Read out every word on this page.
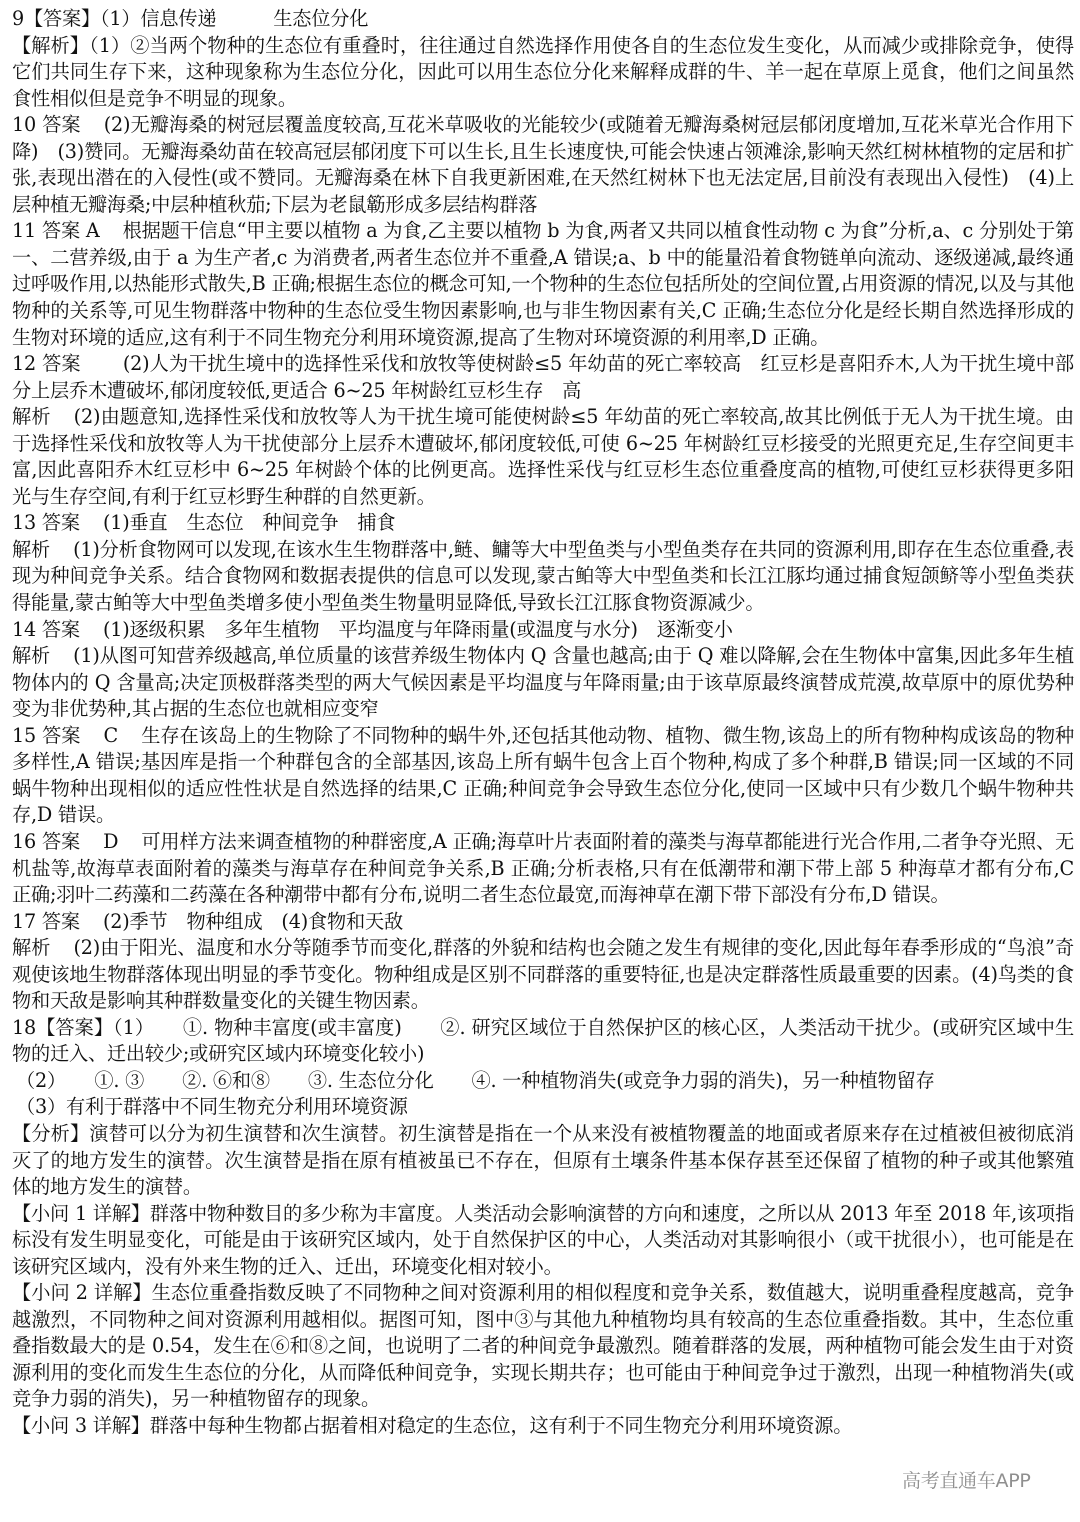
9【答案】（1）信息传递　　　生态位分化

【解析】（1）②当两个物种的生态位有重叠时，往往通过自然选择作用使各自的生态位发生变化，从而减少或排除竞争，使得它们共同生存下来，这种现象称为生态位分化，因此可以用生态位分化来解释成群的牛、羊一起在草原上觅食，他们之间虽然食性相似但是竞争不明显的现象。

10 答案 (2)无瓣海桑的树冠层覆盖度较高,互花米草吸收的光能较少(或随着无瓣海桑树冠层郁闭度增加,互花米草光合作用下降)　(3)赞同。无瓣海桑幼苗在较高冠层郁闭度下可以生长,且生长速度快,可能会快速占领滩涂,影响天然红树林植物的定居和扩张,表现出潜在的入侵性(或不赞同。无瓣海桑在林下自我更新困难,在天然红树林下也无法定居,目前没有表现出入侵性)　(4)上层种植无瓣海桑;中层种植秋茄;下层为老鼠簕形成多层结构群落

11 答案 A 根据题干信息“甲主要以植物 a 为食,乙主要以植物 b 为食,两者又共同以植食性动物 c 为食”分析,a、c 分别处于第一、二营养级,由于 a 为生产者,c 为消费者,两者生态位并不重叠,A 错误;a、b 中的能量沿着食物链单向流动、逐级递减,最终通过呼吸作用,以热能形式散失,B 正确;根据生态位的概念可知,一个物种的生态位包括所处的空间位置,占用资源的情况,以及与其他物种的关系等,可见生物群落中物种的生态位受生物因素影响,也与非生物因素有关,C 正确;生态位分化是经长期自然选择形成的生物对环境的适应,这有利于不同生物充分利用环境资源,提高了生物对环境资源的利用率,D 正确。

12 答案 (2)人为干扰生境中的选择性采伐和放牧等使树龄≤5 年幼苗的死亡率较高　红豆杉是喜阳乔木,人为干扰生境中部分上层乔木遭破坏,郁闭度较低,更适合 6~25 年树龄红豆杉生存　高

解析 (2)由题意知,选择性采伐和放牧等人为干扰生境可能使树龄≤5 年幼苗的死亡率较高,故其比例低于无人为干扰生境。由于选择性采伐和放牧等人为干扰使部分上层乔木遭破坏,郁闭度较低,可使 6~25 年树龄红豆杉接受的光照更充足,生存空间更丰富,因此喜阳乔木红豆杉中 6~25 年树龄个体的比例更高。选择性采伐与红豆杉生态位重叠度高的植物,可使红豆杉获得更多阳光与生存空间,有利于红豆杉野生种群的自然更新。

13 答案 (1)垂直　生态位　种间竞争　捕食

解析 (1)分析食物网可以发现,在该水生生物群落中,鲢、鳙等大中型鱼类与小型鱼类存在共同的资源利用,即存在生态位重叠,表现为种间竞争关系。结合食物网和数据表提供的信息可以发现,蒙古鲌等大中型鱼类和长江江豚均通过捕食短颌鲚等小型鱼类获得能量,蒙古鲌等大中型鱼类增多使小型鱼类生物量明显降低,导致长江江豚食物资源减少。

14 答案 (1)逐级积累　多年生植物　平均温度与年降雨量(或温度与水分)　逐渐变小

解析 (1)从图可知营养级越高,单位质量的该营养级生物体内 Q 含量也越高;由于 Q 难以降解,会在生物体中富集,因此多年生植物体内的 Q 含量高;决定顶极群落类型的两大气候因素是平均温度与年降雨量;由于该草原最终演替成荒漠,故草原中的原优势种变为非优势种,其占据的生态位也就相应变窄

15 答案 C 生存在该岛上的生物除了不同物种的蜗牛外,还包括其他动物、植物、微生物,该岛上的所有物种构成该岛的物种多样性,A 错误;基因库是指一个种群包含的全部基因,该岛上所有蜗牛包含上百个物种,构成了多个种群,B 错误;同一区域的不同蜗牛物种出现相似的适应性性状是自然选择的结果,C 正确;种间竞争会导致生态位分化,使同一区域中只有少数几个蜗牛物种共存,D 错误。

16 答案 D 可用样方法来调查植物的种群密度,A 正确;海草叶片表面附着的藻类与海草都能进行光合作用,二者争夺光照、无机盐等,故海草表面附着的藻类与海草存在种间竞争关系,B 正确;分析表格,只有在低潮带和潮下带上部 5 种海草才都有分布,C 正确;羽叶二药藻和二药藻在各种潮带中都有分布,说明二者生态位最宽,而海神草在潮下带下部没有分布,D 错误。

17 答案 (2)季节　物种组成　(4)食物和天敌

解析 (2)由于阳光、温度和水分等随季节而变化,群落的外貌和结构也会随之发生有规律的变化,因此每年春季形成的“鸟浪”奇观使该地生物群落体现出明显的季节变化。物种组成是区别不同群落的重要特征,也是决定群落性质最重要的因素。(4)鸟类的食物和天敌是影响其种群数量变化的关键生物因素。

18【答案】（1）　　①. 物种丰富度(或丰富度)　　②. 研究区域位于自然保护区的核心区，人类活动干扰少。(或研究区域中生物的迁入、迁出较少;或研究区域内环境变化较小)

（2）　　①. ③　　②. ⑥和⑧　　③. 生态位分化　　④. 一种植物消失(或竞争力弱的消失)，另一种植物留存

（3）有利于群落中不同生物充分利用环境资源

【分析】演替可以分为初生演替和次生演替。初生演替是指在一个从来没有被植物覆盖的地面或者原来存在过植被但被彻底消灭了的地方发生的演替。次生演替是指在原有植被虽已不存在，但原有土壤条件基本保存甚至还保留了植物的种子或其他繁殖体的地方发生的演替。

【小问 1 详解】群落中物种数目的多少称为丰富度。人类活动会影响演替的方向和速度，之所以从 2013 年至 2018 年,该项指标没有发生明显变化，可能是由于该研究区域内，处于自然保护区的中心，人类活动对其影响很小（或干扰很小），也可能是在该研究区域内，没有外来生物的迁入、迁出，环境变化相对较小。

【小问 2 详解】生态位重叠指数反映了不同物种之间对资源利用的相似程度和竞争关系，数值越大，说明重叠程度越高，竞争越激烈，不同物种之间对资源利用越相似。据图可知，图中③与其他九种植物均具有较高的生态位重叠指数。其中，生态位重叠指数最大的是 0.54，发生在⑥和⑧之间，也说明了二者的种间竞争最激烈。随着群落的发展，两种植物可能会发生由于对资源利用的变化而发生生态位的分化，从而降低种间竞争，实现长期共存；也可能由于种间竞争过于激烈，出现一种植物消失(或竞争力弱的消失)，另一种植物留存的现象。

【小问 3 详解】群落中每种生物都占据着相对稳定的生态位，这有利于不同生物充分利用环境资源。

高考直通车APP
